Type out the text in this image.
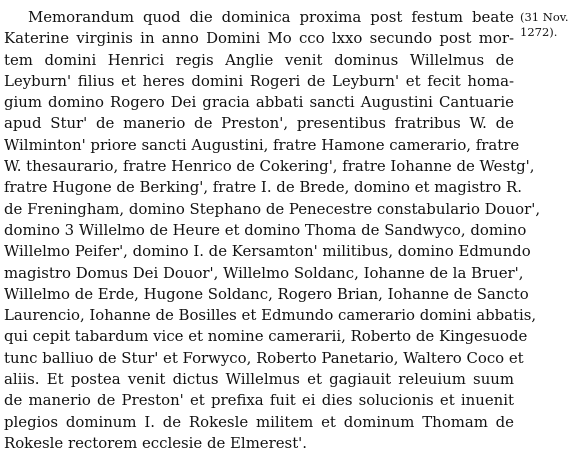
Memorandum quod die dominica proxima post festum beate
Katerine virginis in anno Domini Mo cco lxxo secundo post mor-
tem domini Henrici regis Anglie venit dominus Willelmus de
Leyburn' filius et heres domini Rogeri de Leyburn' et fecit homa-
gium domino Rogero Dei gracia abbati sancti Augustini Cantuarie
apud Stur' de manerio de Preston', presentibus fratribus W. de
Wilminton' priore sancti Augustini, fratre Hamone camerario, fratre
W. thesaurario, fratre Henrico de Cokering', fratre Iohanne de Westg',
fratre Hugone de Berking', fratre I. de Brede, domino et magistro R.
de Freningham, domino Stephano de Penecestre constabulario Douor',
domino 3 Willelmo de Heure et domino Thoma de Sandwyco, domino
Willelmo Peifer', domino I. de Kersamton' militibus, domino Edmundo
magistro Domus Dei Douor', Willelmo Soldanc, Iohanne de la Bruer',
Willelmo de Erde, Hugone Soldanc, Rogero Brian, Iohanne de Sancto
Laurencio, Iohanne de Bosilles et Edmundo camerario domini abbatis,
qui cepit tabardum vice et nomine camerarii, Roberto de Kingesuode
tunc balliuo de Stur' et Forwyco, Roberto Panetario, Waltero Coco et
aliis. Et postea venit dictus Willelmus et gagiauit releuium suum
de manerio de Preston' et prefixa fuit ei dies solucionis et inuenit
plegios dominum I. de Rokesle militem et dominum Thomam de
Rokesle rectorem ecclesie de Elmerest'.
(31 Nov.
1272).
